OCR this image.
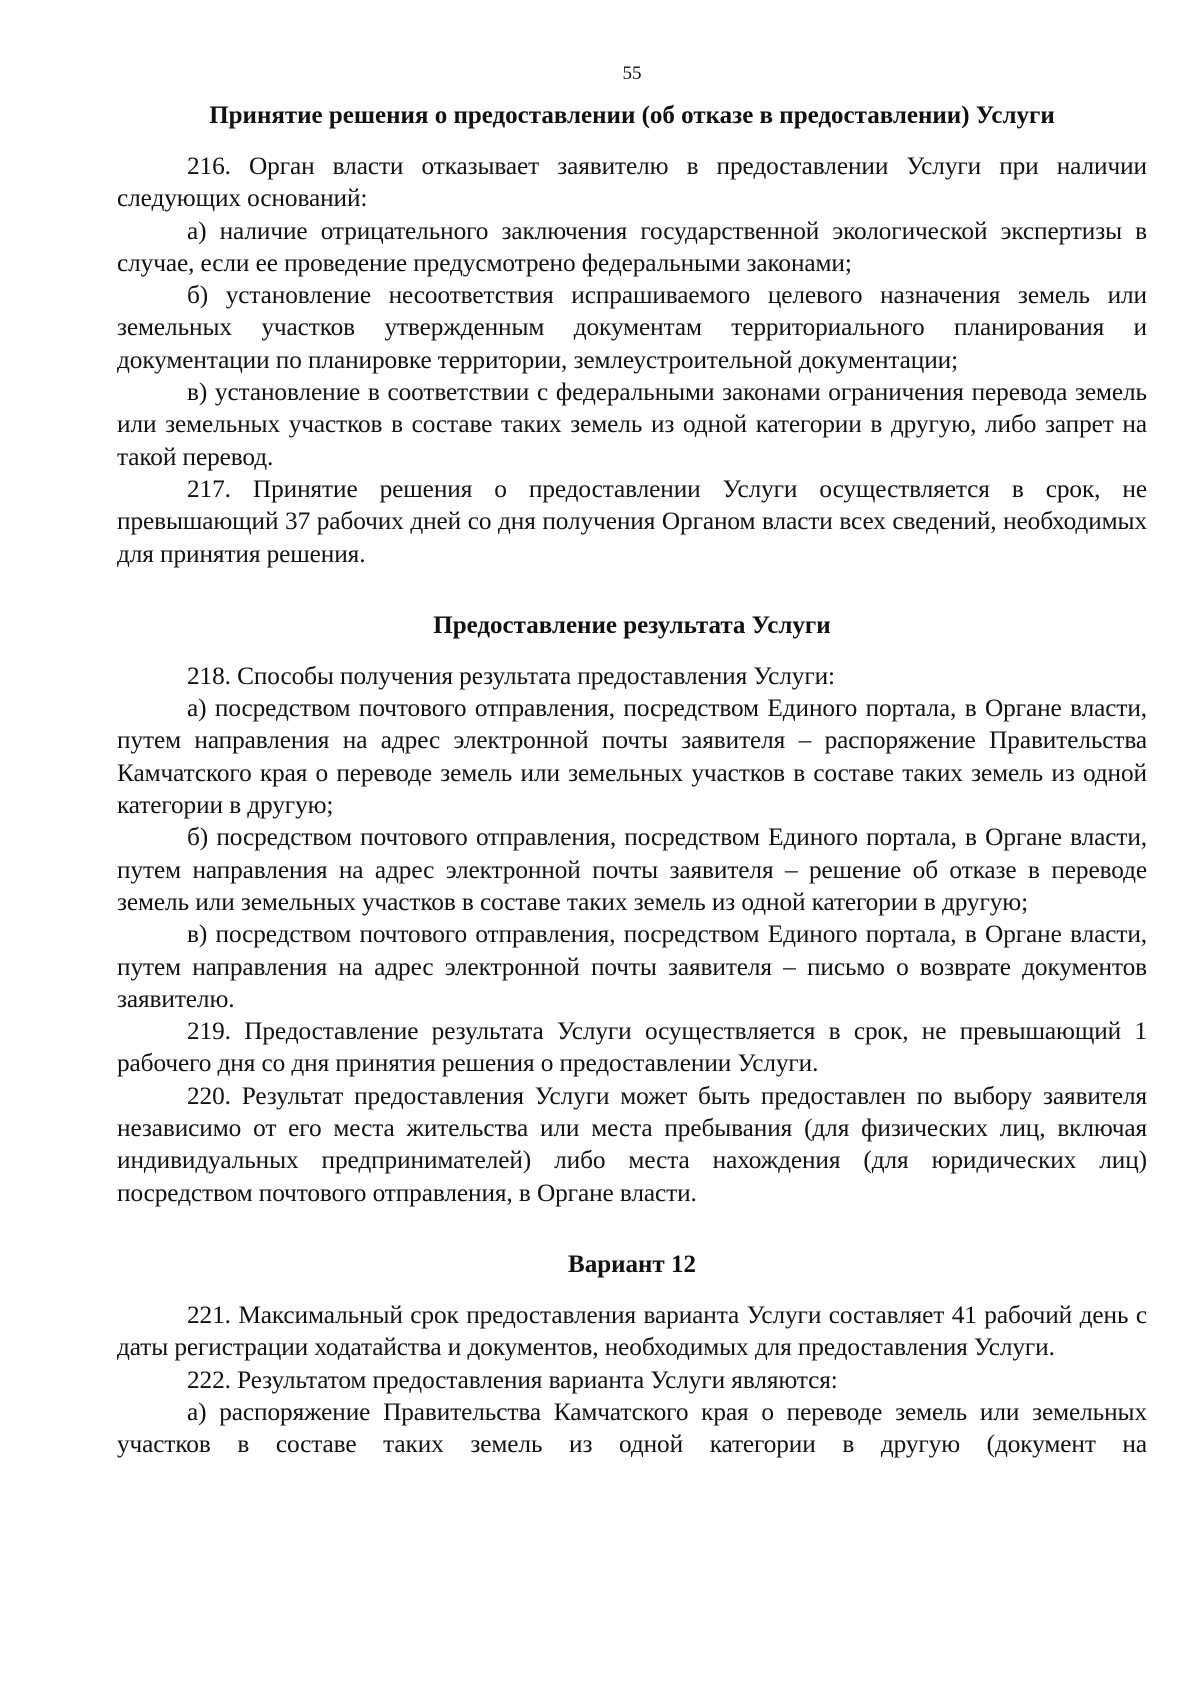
55
Принятие решения о предоставлении (об отказе в предоставлении) Услуги

216. Орган власти отказывает заявителю в предоставлении Услуги при наличии следующих оснований:

а) наличие отрицательного заключения государственной экологической экспертизы в случае, если ее проведение предусмотрено федеральными законами;

б) установление несоответствия испрашиваемого целевого назначения земель или земельных участков утвержденным документам территориального планирования и документации по планировке территории, землеустроительной документации;

в) установление в соответствии с федеральными законами ограничения перевода земель или земельных участков в составе таких земель из одной категории в другую, либо запрет на такой перевод.

217. Принятие решения о предоставлении Услуги осуществляется в срок, не превышающий 37 рабочих дней со дня получения Органом власти всех сведений, необходимых для принятия решения.

Предоставление результата Услуги

218. Способы получения результата предоставления Услуги:

а) посредством почтового отправления, посредством Единого портала, в Органе власти, путем направления на адрес электронной почты заявителя – распоряжение Правительства Камчатского края о переводе земель или земельных участков в составе таких земель из одной категории в другую;

б) посредством почтового отправления, посредством Единого портала, в Органе власти, путем направления на адрес электронной почты заявителя – решение об отказе в переводе земель или земельных участков в составе таких земель из одной категории в другую;

в) посредством почтового отправления, посредством Единого портала, в Органе власти, путем направления на адрес электронной почты заявителя – письмо о возврате документов заявителю.

219. Предоставление результата Услуги осуществляется в срок, не превышающий 1 рабочего дня со дня принятия решения о предоставлении Услуги.

220. Результат предоставления Услуги может быть предоставлен по выбору заявителя независимо от его места жительства или места пребывания (для физических лиц, включая индивидуальных предпринимателей) либо места нахождения (для юридических лиц) посредством почтового отправления, в Органе власти.

Вариант 12

221. Максимальный срок предоставления варианта Услуги составляет 41 рабочий день с даты регистрации ходатайства и документов, необходимых для предоставления Услуги.

222. Результатом предоставления варианта Услуги являются:

а) распоряжение Правительства Камчатского края о переводе земель или земельных участков в составе таких земель из одной категории в другую (документ на
